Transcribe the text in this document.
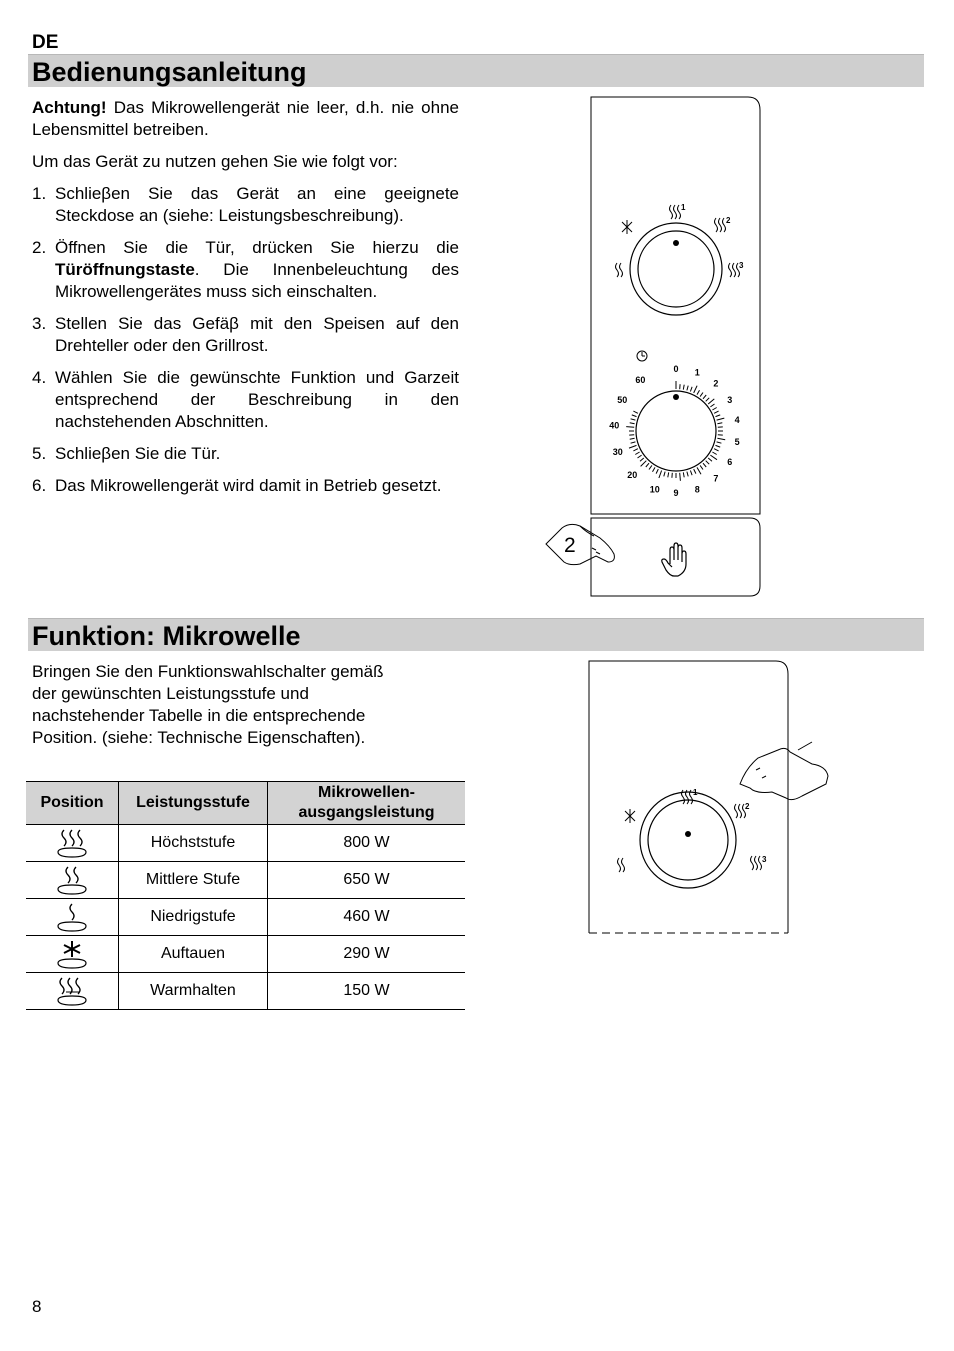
DE
Bedienungsanleitung

Achtung! Das Mikrowellengerät nie leer, d.h. nie ohne Lebensmittel betreiben.

Um das Gerät zu nutzen gehen Sie wie folgt vor:

1. Schlieβen Sie das Gerät an eine geeignete Steckdose an (siehe: Leistungsbeschreibung).
2. Öffnen Sie die Tür, drücken Sie hierzu die Türöffnungstaste. Die Innenbeleuchtung des Mikrowellengerätes muss sich einschalten.
3. Stellen Sie das Gefäβ mit den Speisen auf den Drehteller oder den Grillrost.
4. Wählen Sie die gewünschte Funktion und Garzeit entsprechend der Beschreibung in den nachstehenden Abschnitten.
5. Schlieβen Sie die Tür.
6. Das Mikrowellengerät wird damit in Betrieb gesetzt.
1
2
3
0 1
2
3
4
5
6
7
8
9
10
20
30
40
50
60
2
Funktion: Mikrowelle
Bringen Sie den Funktionswahlschalter gemäß
der gewünschten Leistungsstufe und
nachstehender Tabelle in die entsprechende
Position. (siehe: Technische Eigenschaften).
Position	Leistungsstufe	Mikrowellen-
ausgangsleistung

	Höchststufe	800 W

	Mittlere Stufe	650 W

	Niedrigstufe	460 W

	Auftauen	290 W

	Warmhalten	150 W
1
2
3
8
